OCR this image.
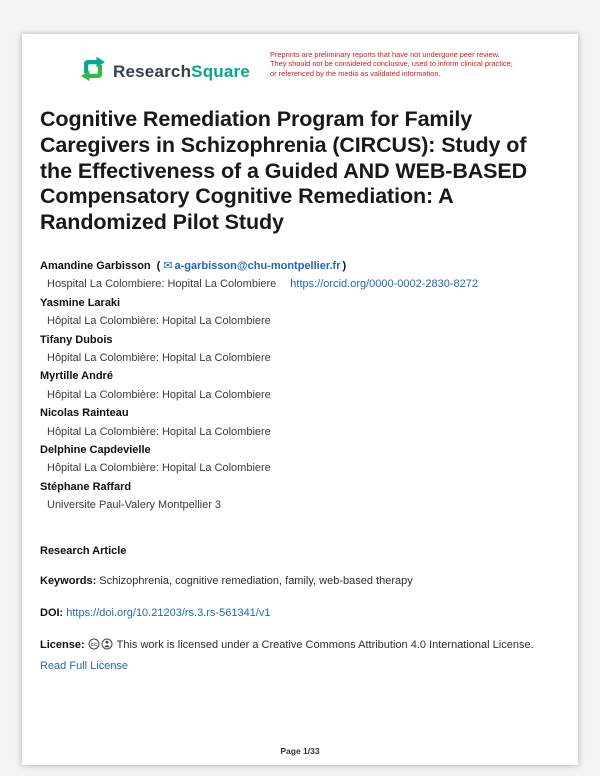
ResearchSquare
Preprints are preliminary reports that have not undergone peer review.
They should not be considered conclusive, used to inform clinical practice,
or referenced by the media as validated information.
Cognitive Remediation Program for Family Caregivers in Schizophrenia (CIRCUS): Study of the Effectiveness of a Guided AND WEB-BASED Compensatory Cognitive Remediation: A Randomized Pilot Study
Amandine Garbisson ( ✉ a-garbisson@chu-montpellier.fr )
Hospital La Colombiere: Hopital La Colombiere https://orcid.org/0000-0002-2830-8272
Yasmine Laraki
Hôpital La Colombière: Hopital La Colombiere
Tifany Dubois
Hôpital La Colombière: Hopital La Colombiere
Myrtille André
Hôpital La Colombière: Hopital La Colombiere
Nicolas Rainteau
Hôpital La Colombière: Hopital La Colombiere
Delphine Capdevielle
Hôpital La Colombière: Hopital La Colombiere
Stéphane Raffard
Universite Paul-Valery Montpellier 3
Research Article
Keywords: Schizophrenia, cognitive remediation, family, web-based therapy
DOI: https://doi.org/10.21203/rs.3.rs-561341/v1
License: CC This work is licensed under a Creative Commons Attribution 4.0 International License.
Read Full License
Page 1/33
